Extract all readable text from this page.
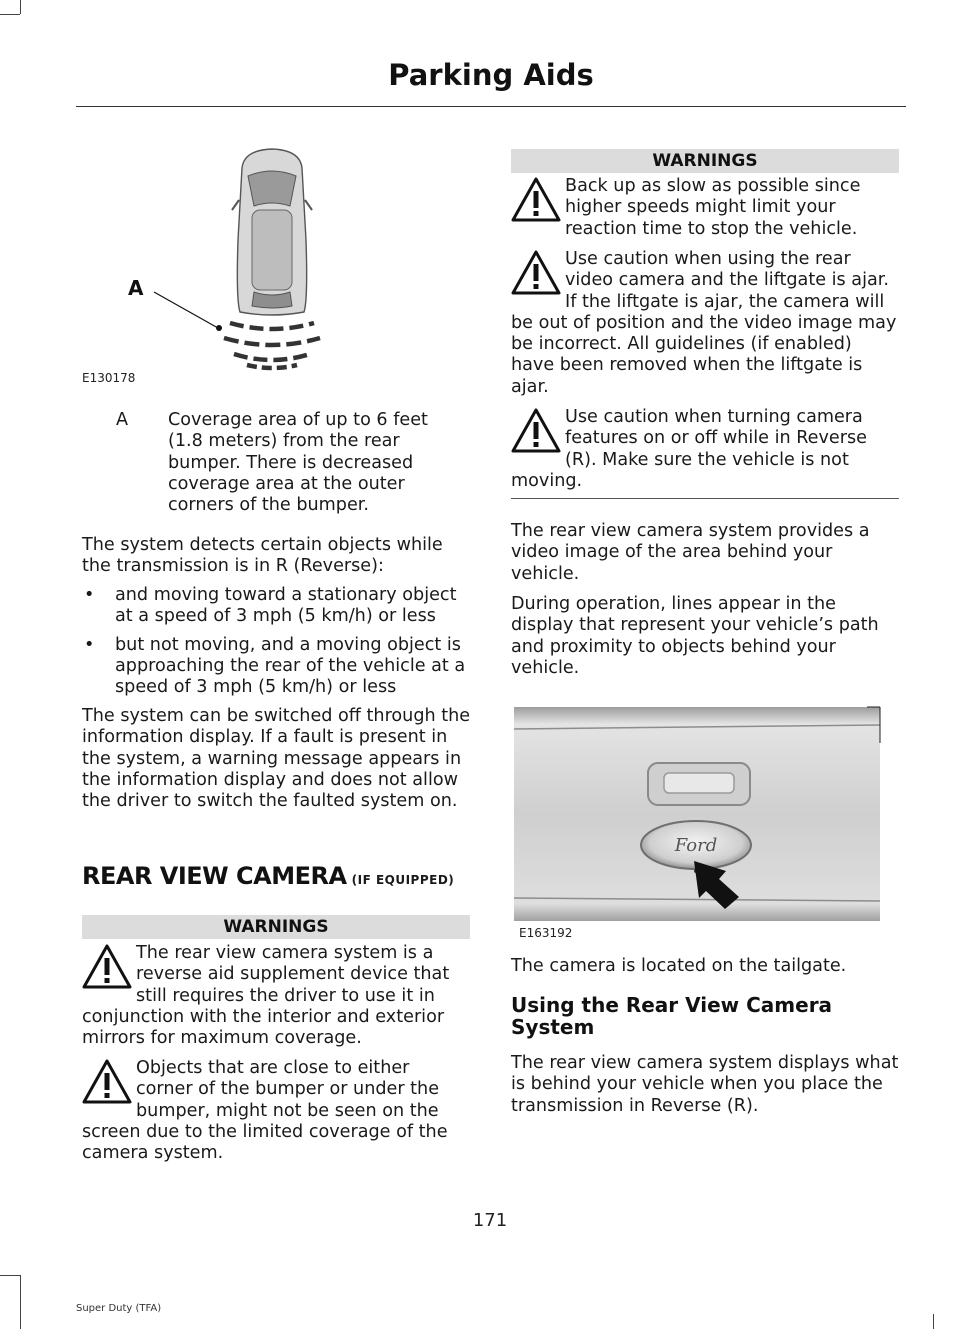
Parking Aids
A
E130178
A Coverage area of up to 6 feet (1.8 meters) from the rear bumper. There is decreased coverage area at the outer corners of the bumper.
The system detects certain objects while the transmission is in R (Reverse):
• and moving toward a stationary object at a speed of 3 mph (5 km/h) or less
• but not moving, and a moving object is approaching the rear of the vehicle at a speed of 3 mph (5 km/h) or less
The system can be switched off through the information display. If a fault is present in the system, a warning message appears in the information display and does not allow the driver to switch the faulted system on.
REAR VIEW CAMERA (IF EQUIPPED)
WARNINGS
The rear view camera system is a reverse aid supplement device that still requires the driver to use it in conjunction with the interior and exterior mirrors for maximum coverage.
Objects that are close to either corner of the bumper or under the bumper, might not be seen on the screen due to the limited coverage of the camera system.
WARNINGS
Back up as slow as possible since higher speeds might limit your reaction time to stop the vehicle.
Use caution when using the rear video camera and the liftgate is ajar. If the liftgate is ajar, the camera will be out of position and the video image may be incorrect. All guidelines (if enabled) have been removed when the liftgate is ajar.
Use caution when turning camera features on or off while in Reverse (R). Make sure the vehicle is not moving.
The rear view camera system provides a video image of the area behind your vehicle.
During operation, lines appear in the display that represent your vehicle’s path and proximity to objects behind your vehicle.
Ford
E163192
The camera is located on the tailgate.
Using the Rear View Camera System
The rear view camera system displays what is behind your vehicle when you place the transmission in Reverse (R).
171
Super Duty (TFA)
